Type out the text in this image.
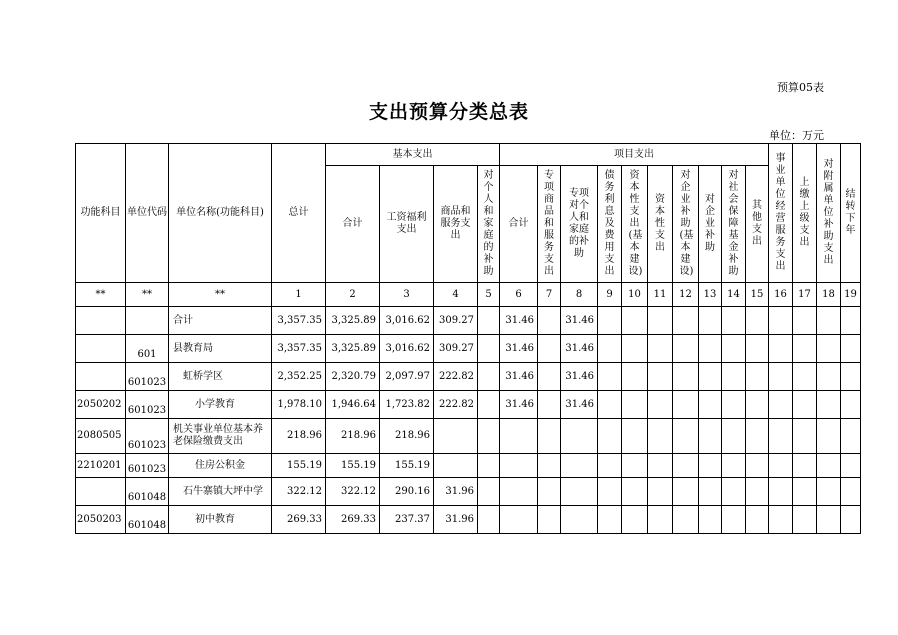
预算05表
支出预算分类总表
单位：万元
功能科目	单位代码	单位名称(功能科目)	总计	基本支出				项目支出										事业单位经营服务支出	上缴上级支出	对附属单位补助支出	结转下年
				合计	工资福利支出	商品和服务支出	对个人和家庭的补助	合计	专项商品和服务支出	专项对个人和家庭的补助	债务利息及费用支出	资本性支出(基本建设)	资本性支出	对企业补助(基本建设)	对企业补助	对社会保障基金补助	其他支出				
**	**	**	1	2	3	4	5	6	7	8	9	10	11	12	13	14	15	16	17	18	19
		合计	3,357.35	3,325.89	3,016.62	309.27		31.46		31.46											
	601	县教育局	3,357.35	3,325.89	3,016.62	309.27		31.46		31.46											
	601023	虹桥学区	2,352.25	2,320.79	2,097.97	222.82		31.46		31.46											
2050202	601023	小学教育	1,978.10	1,946.64	1,723.82	222.82		31.46		31.46											
2080505	601023	机关事业单位基本养老保险缴费支出	218.96	218.96	218.96																
2210201	601023	住房公积金	155.19	155.19	155.19																
	601048	石牛寨镇大坪中学	322.12	322.12	290.16	31.96															
2050203	601048	初中教育	269.33	269.33	237.37	31.96															
